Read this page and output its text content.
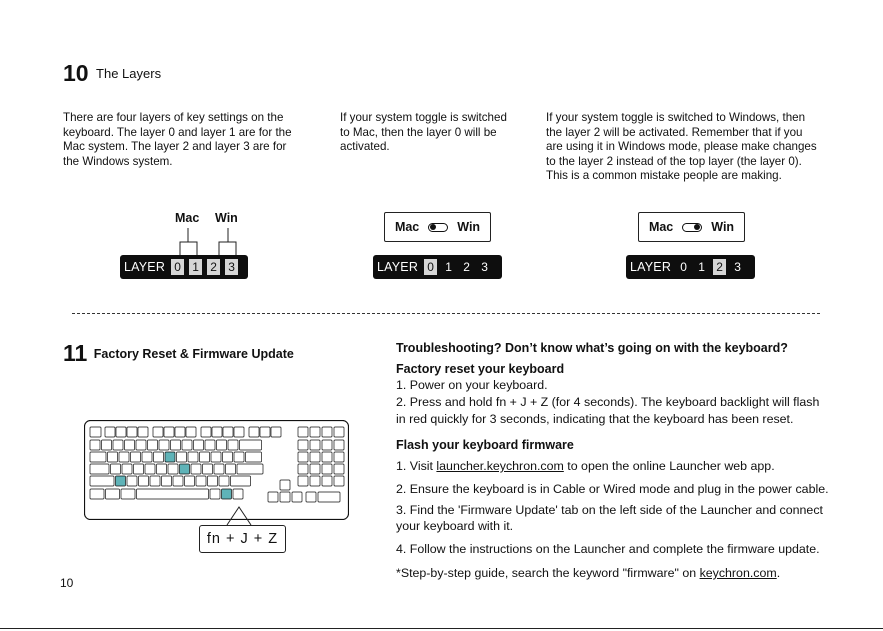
10 The Layers
There are four layers of key settings on the
keyboard. The layer 0 and layer 1 are for the
Mac system. The layer 2 and layer 3 are for
the Windows system.
If your system toggle is switched
to Mac, then the layer 0 will be
activated.
If your system toggle is switched to Windows, then
the layer 2 will be activated. Remember that if you
are using it in Windows mode, please make changes
to the layer 2 instead of the top layer (the layer 0).
This is a common mistake people are making.
Mac Win
LAYER 0 1 2 3
Mac	Win
LAYER 0 1 2 3
Mac	Win
LAYER 0 1 2 3
11 Factory Reset & Firmware Update
fn + J + Z
Troubleshooting? Don’t know what’s going on with the keyboard?
Factory reset your keyboard
1. Power on your keyboard.
2. Press and hold fn + J + Z (for 4 seconds). The keyboard backlight will flash
in red quickly for 3 seconds, indicating that the keyboard has been reset.
Flash your keyboard firmware
1. Visit launcher.keychron.com to open the online Launcher web app.
2. Ensure the keyboard is in Cable or Wired mode and plug in the power cable.
3. Find the 'Firmware Update' tab on the left side of the Launcher and connect
your keyboard with it.
4. Follow the instructions on the Launcher and complete the firmware update.
*Step-by-step guide, search the keyword "firmware" on keychron.com.
10
